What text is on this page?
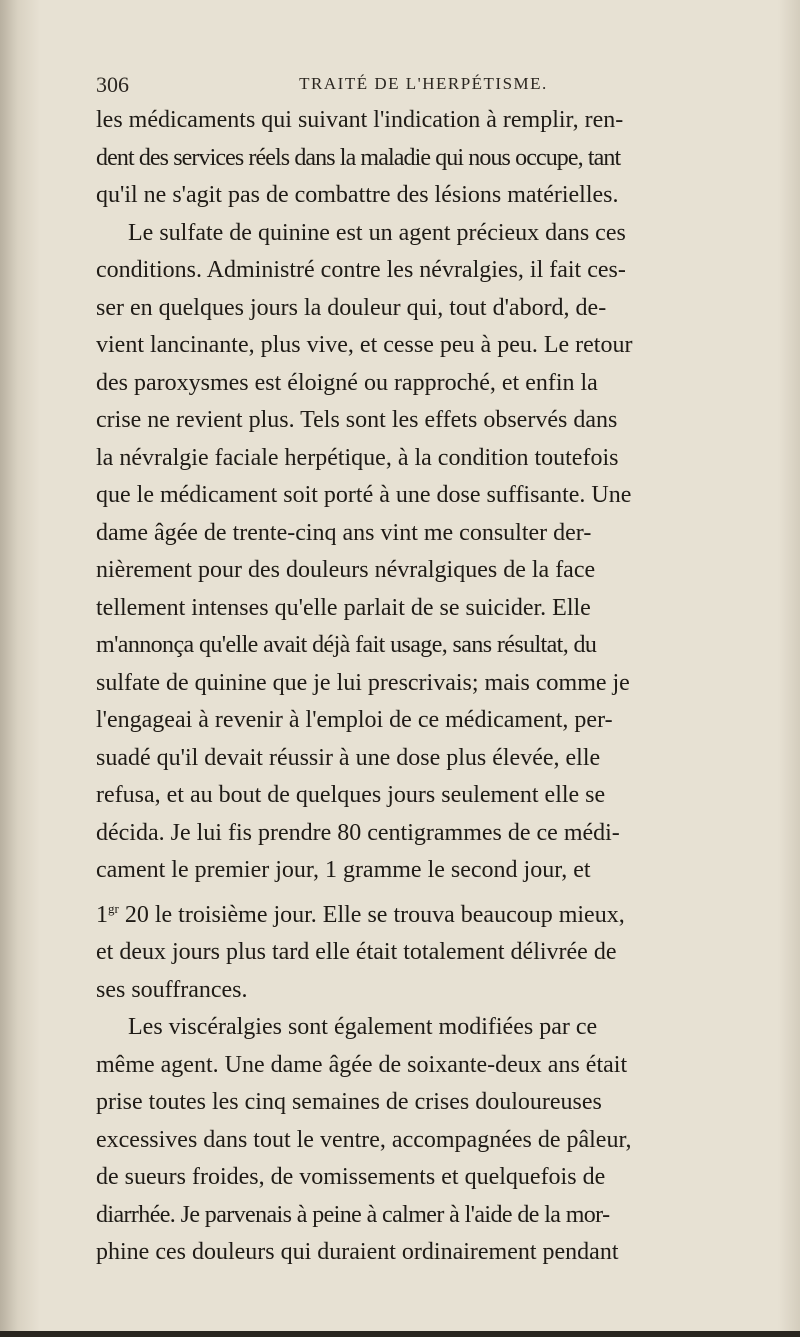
306	TRAITÉ DE L'HERPÉTISME.
les médicaments qui suivant l'indication à remplir, ren-
dent des services réels dans la maladie qui nous occupe, tant
qu'il ne s'agit pas de combattre des lésions matérielles.
Le sulfate de quinine est un agent précieux dans ces
conditions. Administré contre les névralgies, il fait ces-
ser en quelques jours la douleur qui, tout d'abord, de-
vient lancinante, plus vive, et cesse peu à peu. Le retour
des paroxysmes est éloigné ou rapproché, et enfin la
crise ne revient plus. Tels sont les effets observés dans
la névralgie faciale herpétique, à la condition toutefois
que le médicament soit porté à une dose suffisante. Une
dame âgée de trente-cinq ans vint me consulter der-
nièrement pour des douleurs névralgiques de la face
tellement intenses qu'elle parlait de se suicider. Elle
m'annonça qu'elle avait déjà fait usage, sans résultat, du
sulfate de quinine que je lui prescrivais; mais comme je
l'engageai à revenir à l'emploi de ce médicament, per-
suadé qu'il devait réussir à une dose plus élevée, elle
refusa, et au bout de quelques jours seulement elle se
décida. Je lui fis prendre 80 centigrammes de ce médi-
cament le premier jour, 1 gramme le second jour, et
$1^{gr}$ 20 le troisième jour. Elle se trouva beaucoup mieux,
et deux jours plus tard elle était totalement délivrée de
ses souffrances.
Les viscéralgies sont également modifiées par ce
même agent. Une dame âgée de soixante-deux ans était
prise toutes les cinq semaines de crises douloureuses
excessives dans tout le ventre, accompagnées de pâleur,
de sueurs froides, de vomissements et quelquefois de
diarrhée. Je parvenais à peine à calmer à l'aide de la mor-
phine ces douleurs qui duraient ordinairement pendant
